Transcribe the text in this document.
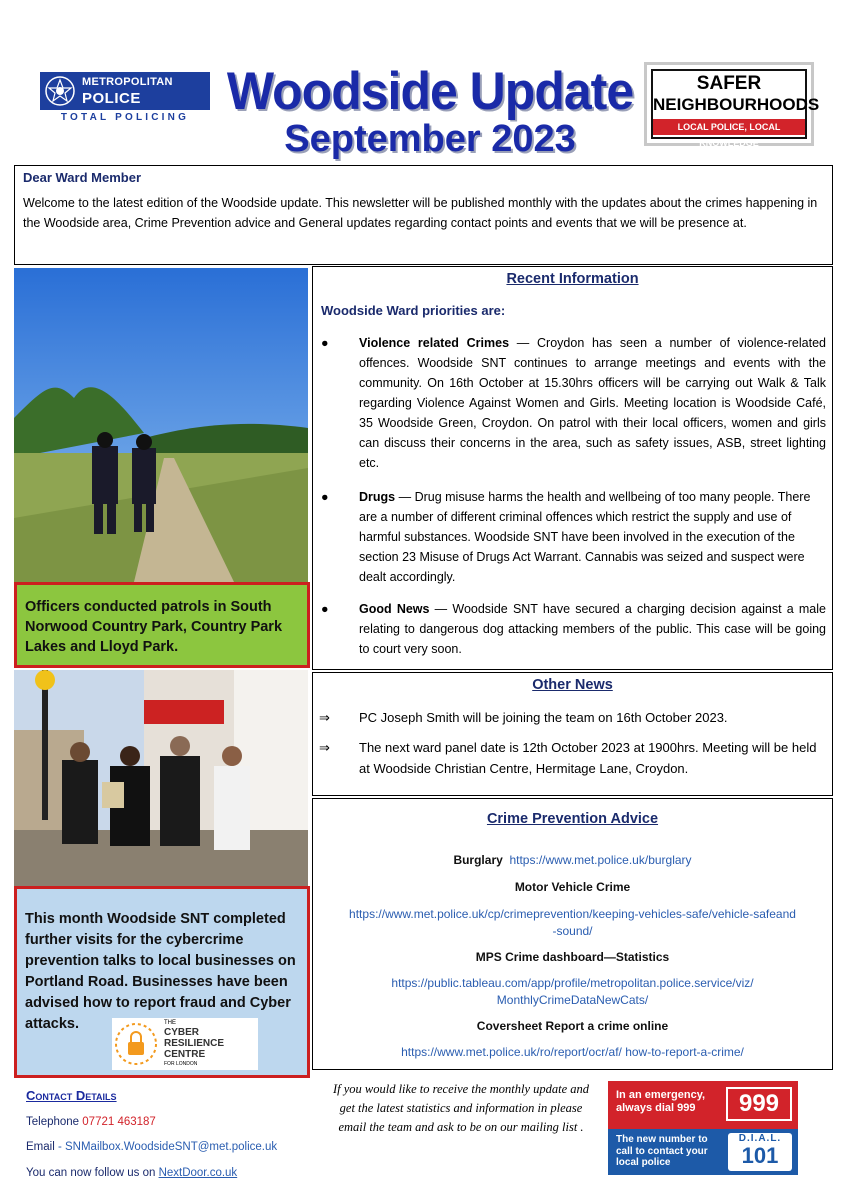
METROPOLITAN
POLICE
TOTAL POLICING Woodside Update
September 2023
SAFER
NEIGHBOURHOODS
LOCAL POLICE, LOCAL KNOWLEDGE
Dear Ward Member

Welcome to the latest edition of the Woodside update. This newsletter will be published monthly with the updates about the crimes happening in the Woodside area, Crime Prevention advice and General updates regarding contact points and events that we will be presence at.

Officers conducted patrols in South Norwood Country Park, Country Park Lakes and Lloyd Park.
This month Woodside SNT completed further visits for the cybercrime prevention talks to local businesses on Portland Road. Businesses have been advised how to report fraud and Cyber attacks.	THE
CYBER
RESILIENCE
CENTRE
FOR LONDON
Recent Information
Woodside Ward priorities are:
● Violence related Crimes — Croydon has seen a number of violence-related offences. Woodside SNT continues to arrange meetings and events with the community. On 16th October at 15.30hrs officers will be carrying out Walk & Talk regarding Violence Against Women and Girls. Meeting location is Woodside Café, 35 Woodside Green, Croydon. On patrol with their local officers, women and girls can discuss their concerns in the area, such as safety issues, ASB, street lighting etc.
● Drugs — Drug misuse harms the health and wellbeing of too many people. There are a number of different criminal offences which restrict the supply and use of harmful substances. Woodside SNT have been involved in the execution of the section 23 Misuse of Drugs Act Warrant. Cannabis was seized and suspect were dealt accordingly.
● Good News — Woodside SNT have secured a charging decision against a male relating to dangerous dog attacking members of the public. This case will be going to court very soon.
Other News
⇒ PC Joseph Smith will be joining the team on 16th October 2023.
⇒ The next ward panel date is 12th October 2023 at 1900hrs. Meeting will be held at Woodside Christian Centre, Hermitage Lane, Croydon.
Crime Prevention Advice
Burglary https://www.met.police.uk/burglary
Motor Vehicle Crime
https://www.met.police.uk/cp/crimeprevention/keeping-vehicles-safe/vehicle-safeand
-sound/
MPS Crime dashboard—Statistics
https://public.tableau.com/app/profile/metropolitan.police.service/viz/
MonthlyCrimeDataNewCats/
Coversheet Report a crime online
https://www.met.police.uk/ro/report/ocr/af/ how-to-report-a-crime/
Contact Details
Telephone 07721 463187
Email - SNMailbox.WoodsideSNT@met.police.uk
You can now follow us on NextDoor.co.uk
If you would like to receive the monthly update and get the latest statistics and information in please email the team and ask to be on our mailing list .
In an emergency, always dial 999	999
The new number to call to contact your local police
D.I.A.L.
101
